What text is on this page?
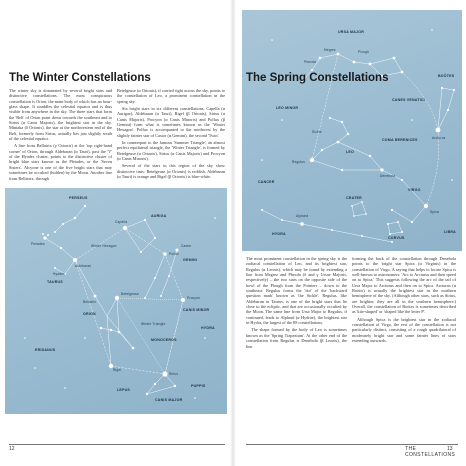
The Winter Constellations

The winter sky is dominated by several bright stars and distinctive constellations. The most conspicuous constellation is Orion, the main body of which has an hour-glass shape. It straddles the celestial equator and is thus visible from anywhere in the sky. The three stars that form the 'Belt' of Orion point down towards the southeast and to Sirius (α Canis Majoris), the brightest star in the sky. Mintaka (δ Orionis), the star at the northwestern end of the Belt, formerly from Sirius, actually lies just slightly south of the celestial equator.

A line from Bellatrix (γ Orionis) at the 'top right-hand corner' of Orion, through Aldebaran (α Tauri), past the 'V' of the Hyades cluster, points to the distinctive cluster of bright blue stars known as the Pleiades, or the 'Seven Sisters'. Alcyone is one of the five bright stars that may sometimes be occulted (hidden) by the Moon. Another line from Bellatrix, through

Betelgeuse (α Orionis), if carried right across the sky, points to the constellation of Leo, a prominent constellation in the spring sky.

Six bright stars in six different constellations, Capella (α Aurigae), Aldebaran (α Tauri), Rigel (β Orionis), Sirius (α Canis Majoris), Procyon (α Canis Minoris) and Pollux (β Gemini) form what is sometimes known as the 'Winter Hexagon'. Pollux is accompanied to the northwest by the slightly fainter star of Castor (α Gemini), the second 'Twin'.

In counterpart to the famous 'Summer Triangle', an almost perfect equilateral triangle, the 'Winter Triangle', is formed by Betelgeuse (α Orionis), Sirius (α Canis Majoris) and Procyon (α Canis Minoris).

Several of the stars in this region of the sky show distinctive tints: Betelgeuse (α Orionis) is reddish, Aldebaran (α Tauri) is orange and Rigel (β Orionis) is blue-white.

PERSEUS
AURIGA
Capella
Winter Hexagon
Pleiades
TAURUS
Aldebaran
Hyades
GEMINI
Castor
Pollux
ORION
Betelgeuse
Bellatrix
Winter Triangle
Procyon
CANIS MINOR
MONOCEROS
Rigel
HYDRA
Sirius
CANIS MAJOR
PUPPIS
LEPUS
ERIDANUS
12
URSA MAJOR
Plough
Megrez
Phecda
CANES VENATICI
LEO MINOR
BOÖTES
Arcturus
COMA BERENICES
LEO
Sickle
Regulus
Denebola
VIRGO
Spica
CANCER
HYDRA
Alphard
CRATER
CORVUS
LIBRA
The Spring Constellations

The most prominent constellation in the spring sky is the zodiacal constellation of Leo, and its brightest star, Regulus (α Leonis), which may be found by extending a line from Megrez and Phecda (δ and γ Ursae Majoris, respectively) – the two stars on the opposite side of the bowl of the Plough from the Pointers – down to the southeast. Regulus forms the 'dot' of the 'backward question mark' known as 'the Sickle'. Regulus, like Aldebaran in Taurus, is one of the bright stars that lie close to the ecliptic, and that are occasionally occulted by the Moon. The same line from Ursa Major to Regulus, if continued, leads to Alphard (α Hydrae), the brightest star in Hydra, the largest of the 88 constellations.

The shape formed by the body of Leo is sometimes known as the 'Spring Trapezium'. At the other end of the constellation from Regulus is Denebola (β Leonis), the line

forming the back of the constellation through Denebola points to the bright star Spica (α Virginis) in the constellation of Virgo. A saying that helps to locate Spica is well-known to astronomers: 'Arc to Arcturus and then speed on to Spica.' This suggests following the arc of the tail of Ursa Major to Arcturus and then on to Spica. Arcturus (α Boötis) is actually the brightest star in the northern hemisphere of the sky. (Although other stars, such as Sirius, are brighter, they are all in the southern hemisphere.) Overall, the constellation of Boötes is sometimes described as 'kite-shaped' or 'shaped like the letter P'.

Although Spica is the brightest star in the zodiacal constellation of Virgo, the rest of the constellation is not particularly distinct, consisting of a rough quadrilateral of moderately bright star and some fainter lines of stars extending outwards.

THE CONSTELLATIONS
13
